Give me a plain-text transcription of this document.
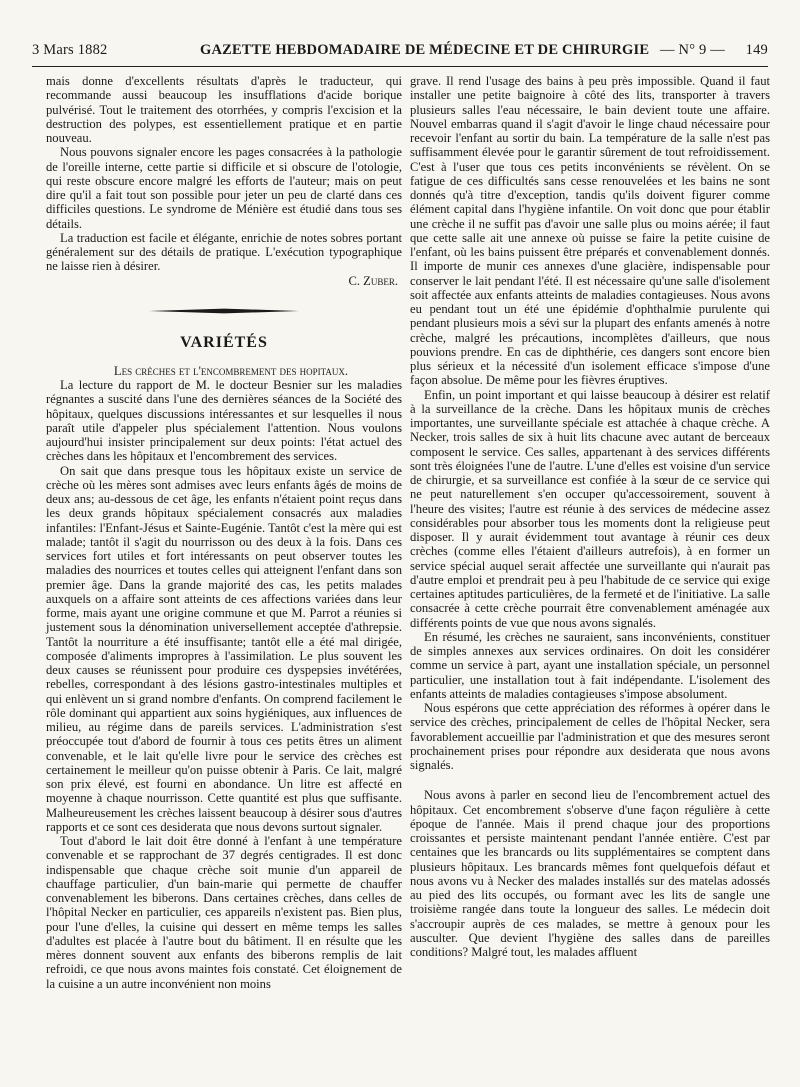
3 Mars 1882	GAZETTE HEBDOMADAIRE DE MÉDECINE ET DE CHIRURGIE — N° 9 — 149

mais donne d'excellents résultats d'après le traducteur, qui recommande aussi beaucoup les insufflations d'acide borique pulvérisé. Tout le traitement des otorrhées, y compris l'excision et la destruction des polypes, est essentiellement pratique et en partie nouveau.

Nous pouvons signaler encore les pages consacrées à la pathologie de l'oreille interne, cette partie si difficile et si obscure de l'otologie, qui reste obscure encore malgré les efforts de l'auteur; mais on peut dire qu'il a fait tout son possible pour jeter un peu de clarté dans ces difficiles questions. Le syndrome de Ménière est étudié dans tous ses détails.

La traduction est facile et élégante, enrichie de notes sobres portant généralement sur des détails de pratique. L'exécution typographique ne laisse rien à désirer.

C. Zuber.

VARIÉTÉS

Les crèches et l'encombrement des hopitaux.

La lecture du rapport de M. le docteur Besnier sur les maladies régnantes a suscité dans l'une des dernières séances de la Société des hôpitaux, quelques discussions intéressantes et sur lesquelles il nous paraît utile d'appeler plus spécialement l'attention. Nous voulons aujourd'hui insister principalement sur deux points: l'état actuel des crèches dans les hôpitaux et l'encombrement des services.

On sait que dans presque tous les hôpitaux existe un service de crèche où les mères sont admises avec leurs enfants âgés de moins de deux ans; au-dessous de cet âge, les enfants n'étaient point reçus dans les deux grands hôpitaux spécialement consacrés aux maladies infantiles: l'Enfant-Jésus et Sainte-Eugénie. Tantôt c'est la mère qui est malade; tantôt il s'agit du nourrisson ou des deux à la fois. Dans ces services fort utiles et fort intéressants on peut observer toutes les maladies des nourrices et toutes celles qui atteignent l'enfant dans son premier âge. Dans la grande majorité des cas, les petits malades auxquels on a affaire sont atteints de ces affections variées dans leur forme, mais ayant une origine commune et que M. Parrot a réunies si justement sous la dénomination universellement acceptée d'athrepsie. Tantôt la nourriture a été insuffisante; tantôt elle a été mal dirigée, composée d'aliments impropres à l'assimilation. Le plus souvent les deux causes se réunissent pour produire ces dyspepsies invétérées, rebelles, correspondant à des lésions gastro-intestinales multiples et qui enlèvent un si grand nombre d'enfants. On comprend facilement le rôle dominant qui appartient aux soins hygiéniques, aux influences de milieu, au régime dans de pareils services. L'administration s'est préoccupée tout d'abord de fournir à tous ces petits êtres un aliment convenable, et le lait qu'elle livre pour le service des crèches est certainement le meilleur qu'on puisse obtenir à Paris. Ce lait, malgré son prix élevé, est fourni en abondance. Un litre est affecté en moyenne à chaque nourrisson. Cette quantité est plus que suffisante. Malheureusement les crèches laissent beaucoup à désirer sous d'autres rapports et ce sont ces desiderata que nous devons surtout signaler.

Tout d'abord le lait doit être donné à l'enfant à une température convenable et se rapprochant de 37 degrés centigrades. Il est donc indispensable que chaque crèche soit munie d'un appareil de chauffage particulier, d'un bain-marie qui permette de chauffer convenablement les biberons. Dans certaines crèches, dans celles de l'hôpital Necker en particulier, ces appareils n'existent pas. Bien plus, pour l'une d'elles, la cuisine qui dessert en même temps les salles d'adultes est placée à l'autre bout du bâtiment. Il en résulte que les mères donnent souvent aux enfants des biberons remplis de lait refroidi, ce que nous avons maintes fois constaté. Cet éloignement de la cuisine a un autre inconvénient non moins

grave. Il rend l'usage des bains à peu près impossible. Quand il faut installer une petite baignoire à côté des lits, transporter à travers plusieurs salles l'eau nécessaire, le bain devient toute une affaire. Nouvel embarras quand il s'agit d'avoir le linge chaud nécessaire pour recevoir l'enfant au sortir du bain. La température de la salle n'est pas suffisamment élevée pour le garantir sûrement de tout refroidissement. C'est à l'user que tous ces petits inconvénients se révèlent. On se fatigue de ces difficultés sans cesse renouvelées et les bains ne sont donnés qu'à titre d'exception, tandis qu'ils doivent figurer comme élément capital dans l'hygiène infantile. On voit donc que pour établir une crèche il ne suffit pas d'avoir une salle plus ou moins aérée; il faut que cette salle ait une annexe où puisse se faire la petite cuisine de l'enfant, où les bains puissent être préparés et convenablement donnés. Il importe de munir ces annexes d'une glacière, indispensable pour conserver le lait pendant l'été. Il est nécessaire qu'une salle d'isolement soit affectée aux enfants atteints de maladies contagieuses. Nous avons eu pendant tout un été une épidémie d'ophthalmie purulente qui pendant plusieurs mois a sévi sur la plupart des enfants amenés à notre crèche, malgré les précautions, incomplètes d'ailleurs, que nous pouvions prendre. En cas de diphthérie, ces dangers sont encore bien plus sérieux et la nécessité d'un isolement efficace s'impose d'une façon absolue. De même pour les fièvres éruptives.

Enfin, un point important et qui laisse beaucoup à désirer est relatif à la surveillance de la crèche. Dans les hôpitaux munis de crèches importantes, une surveillante spéciale est attachée à chaque crèche. A Necker, trois salles de six à huit lits chacune avec autant de berceaux composent le service. Ces salles, appartenant à des services différents sont très éloignées l'une de l'autre. L'une d'elles est voisine d'un service de chirurgie, et sa surveillance est confiée à la sœur de ce service qui ne peut naturellement s'en occuper qu'accessoirement, souvent à l'heure des visites; l'autre est réunie à des services de médecine assez considérables pour absorber tous les moments dont la religieuse peut disposer. Il y aurait évidemment tout avantage à réunir ces deux crèches (comme elles l'étaient d'ailleurs autrefois), à en former un service spécial auquel serait affectée une surveillante qui n'aurait pas d'autre emploi et prendrait peu à peu l'habitude de ce service qui exige certaines aptitudes particulières, de la fermeté et de l'initiative. La salle consacrée à cette crèche pourrait être convenablement aménagée aux différents points de vue que nous avons signalés.

En résumé, les crèches ne sauraient, sans inconvénients, constituer de simples annexes aux services ordinaires. On doit les considérer comme un service à part, ayant une installation spéciale, un personnel particulier, une installation tout à fait indépendante. L'isolement des enfants atteints de maladies contagieuses s'impose absolument.

Nous espérons que cette appréciation des réformes à opérer dans le service des crèches, principalement de celles de l'hôpital Necker, sera favorablement accueillie par l'administration et que des mesures seront prochainement prises pour répondre aux desiderata que nous avons signalés.

Nous avons à parler en second lieu de l'encombrement actuel des hôpitaux. Cet encombrement s'observe d'une façon régulière à cette époque de l'année. Mais il prend chaque jour des proportions croissantes et persiste maintenant pendant l'année entière. C'est par centaines que les brancards ou lits supplémentaires se comptent dans plusieurs hôpitaux. Les brancards mêmes font quelquefois défaut et nous avons vu à Necker des malades installés sur des matelas adossés au pied des lits occupés, ou formant avec les lits de sangle une troisième rangée dans toute la longueur des salles. Le médecin doit s'accroupir auprès de ces malades, se mettre à genoux pour les ausculter. Que devient l'hygiène des salles dans de pareilles conditions? Malgré tout, les malades affluent
